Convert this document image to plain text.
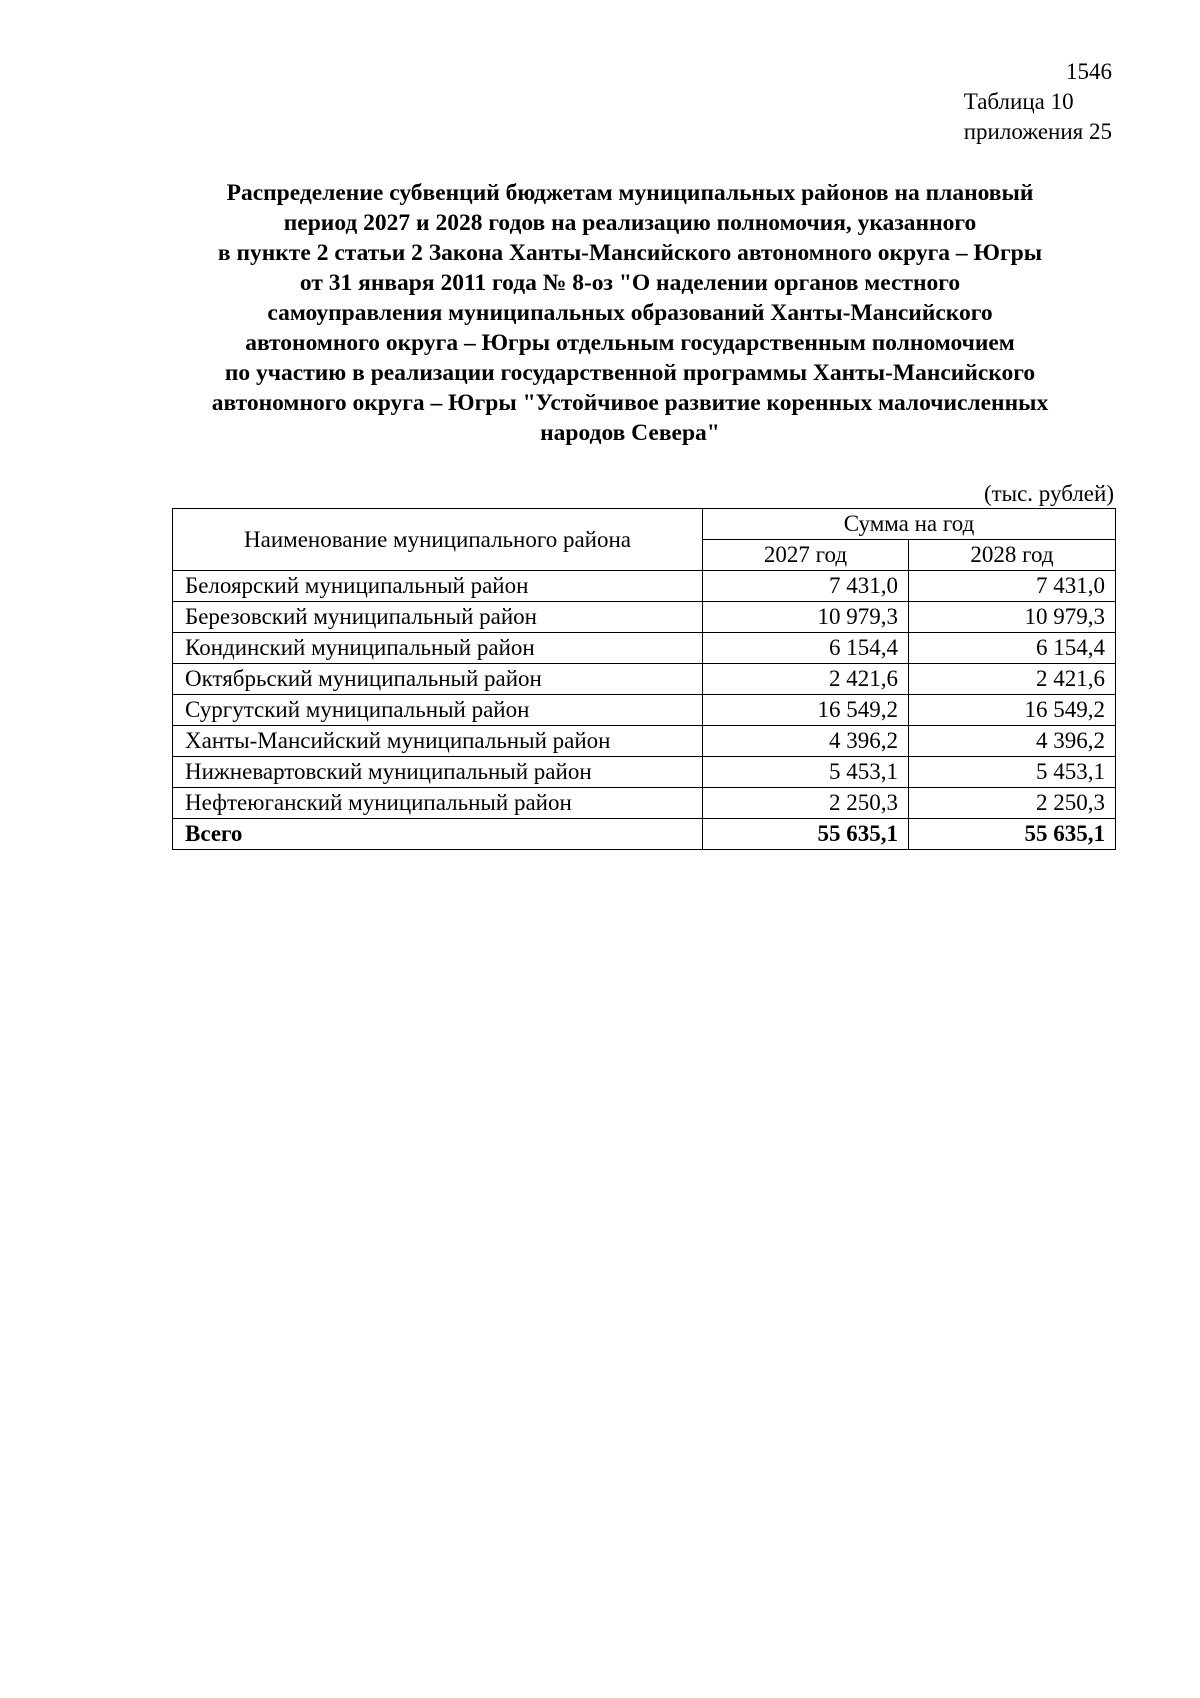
1546
Таблица 10
приложения 25
Распределение субвенций бюджетам муниципальных районов на плановый
период 2027 и 2028 годов на реализацию полномочия, указанного
в пункте 2 статьи 2 Закона Ханты-Мансийского автономного округа – Югры
от 31 января 2011 года № 8-оз "О наделении органов местного
самоуправления муниципальных образований Ханты-Мансийского
автономного округа – Югры отдельным государственным полномочием
по участию в реализации государственной программы Ханты-Мансийского
автономного округа – Югры "Устойчивое развитие коренных малочисленных
народов Севера"
(тыс. рублей)
Наименование муниципального района	Сумма на год	
	2027 год	2028 год
Белоярский муниципальный район	7 431,0	7 431,0
Березовский муниципальный район	10 979,3	10 979,3
Кондинский муниципальный район	6 154,4	6 154,4
Октябрьский муниципальный район	2 421,6	2 421,6
Сургутский муниципальный район	16 549,2	16 549,2
Ханты-Мансийский муниципальный район	4 396,2	4 396,2
Нижневартовский муниципальный район	5 453,1	5 453,1
Нефтеюганский муниципальный район	2 250,3	2 250,3
Всего	55 635,1	55 635,1
